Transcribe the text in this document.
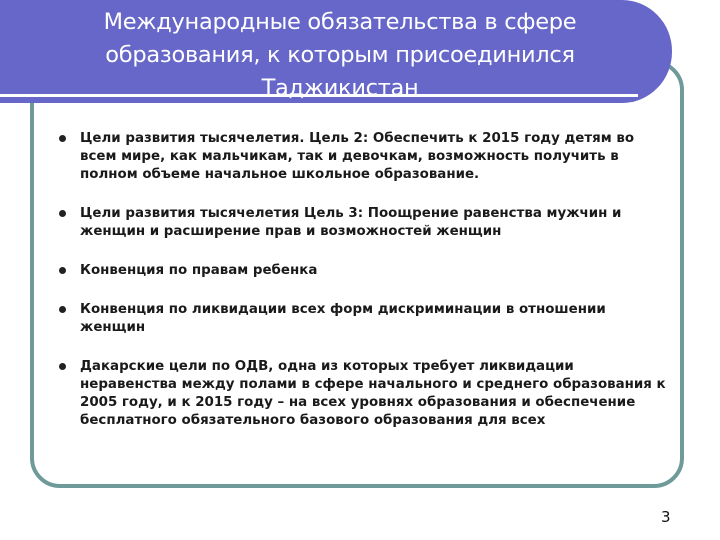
Международные обязательства в сфере образования, к которым присоединился Таджикистан
Цели развития тысячелетия. Цель 2: Обеспечить к 2015 году детям во всем мире, как мальчикам, так и девочкам, возможность получить в полном объеме начальное школьное образование.
Цели развития тысячелетия Цель 3: Поощрение равенства мужчин и женщин и расширение прав и возможностей женщин
Конвенция по правам ребенка
Конвенция по ликвидации всех форм дискриминации в отношении женщин
Дакарские цели по ОДВ, одна из которых требует ликвидации неравенства между полами в сфере начального и среднего образования к 2005 году, и к 2015 году – на всех уровнях образования и обеспечение бесплатного обязательного базового образования для всех
3
